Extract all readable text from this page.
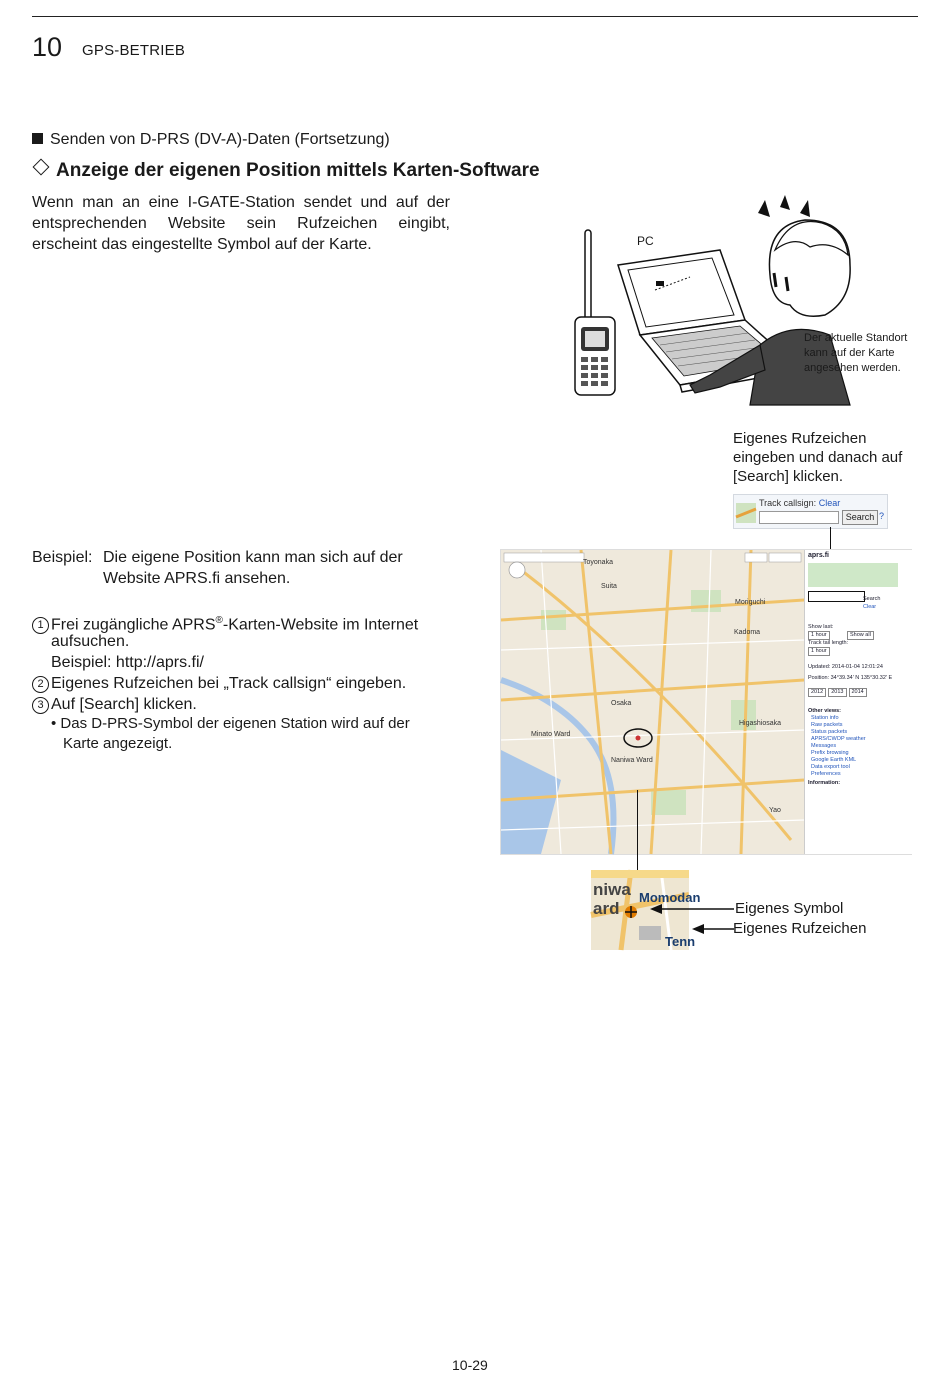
10 GPS-BETRIEB
Senden von D-PRS (DV-A)-Daten (Fortsetzung)
Anzeige der eigenen Position mittels Karten-Software
Wenn man an eine I-GATE-Station sendet und auf der entsprechenden Website sein Rufzeichen eingibt, erscheint das eingestellte Symbol auf der Karte.	PC
Der aktuelle Standort kann auf der Karte angesehen werden.
Eigenes Rufzeichen eingeben und danach auf [Search] klicken.
Track callsign: Clear
Search ?
Beispiel: Die eigene Position kann man sich auf der
Website APRS.fi ansehen.
1 Frei zugängliche APRS®-Karten-Website im Internet
aufsuchen.
Beispiel: http://aprs.fi/
2 Eigenes Rufzeichen bei „Track callsign“ eingeben.
3 Auf [Search] klicken.
• Das D-PRS-Symbol der eigenen Station wird auf der
Karte angezeigt.
Toyonaka
Kadoma
Moriguchi
Higashiosaka
Osaka
Minato Ward
Naniwa Ward
Yao
Suita
aprs.fi
Search
Clear
Show last:
1 hour	Show all
Track tail length:
1 hour
Updated: 2014-01-04 12:01:24
Position: 34°39.34' N 135°30.32' E
2012	2013	2014
Other views:
Station info
Raw packets
Status packets
APRS/CWOP weather
Messages
Prefix browsing
Google Earth KML
Data export tool
Preferences
Information:
niwa
ard
Momodan
Tenn
Eigenes Symbol
Eigenes Rufzeichen
10-29
